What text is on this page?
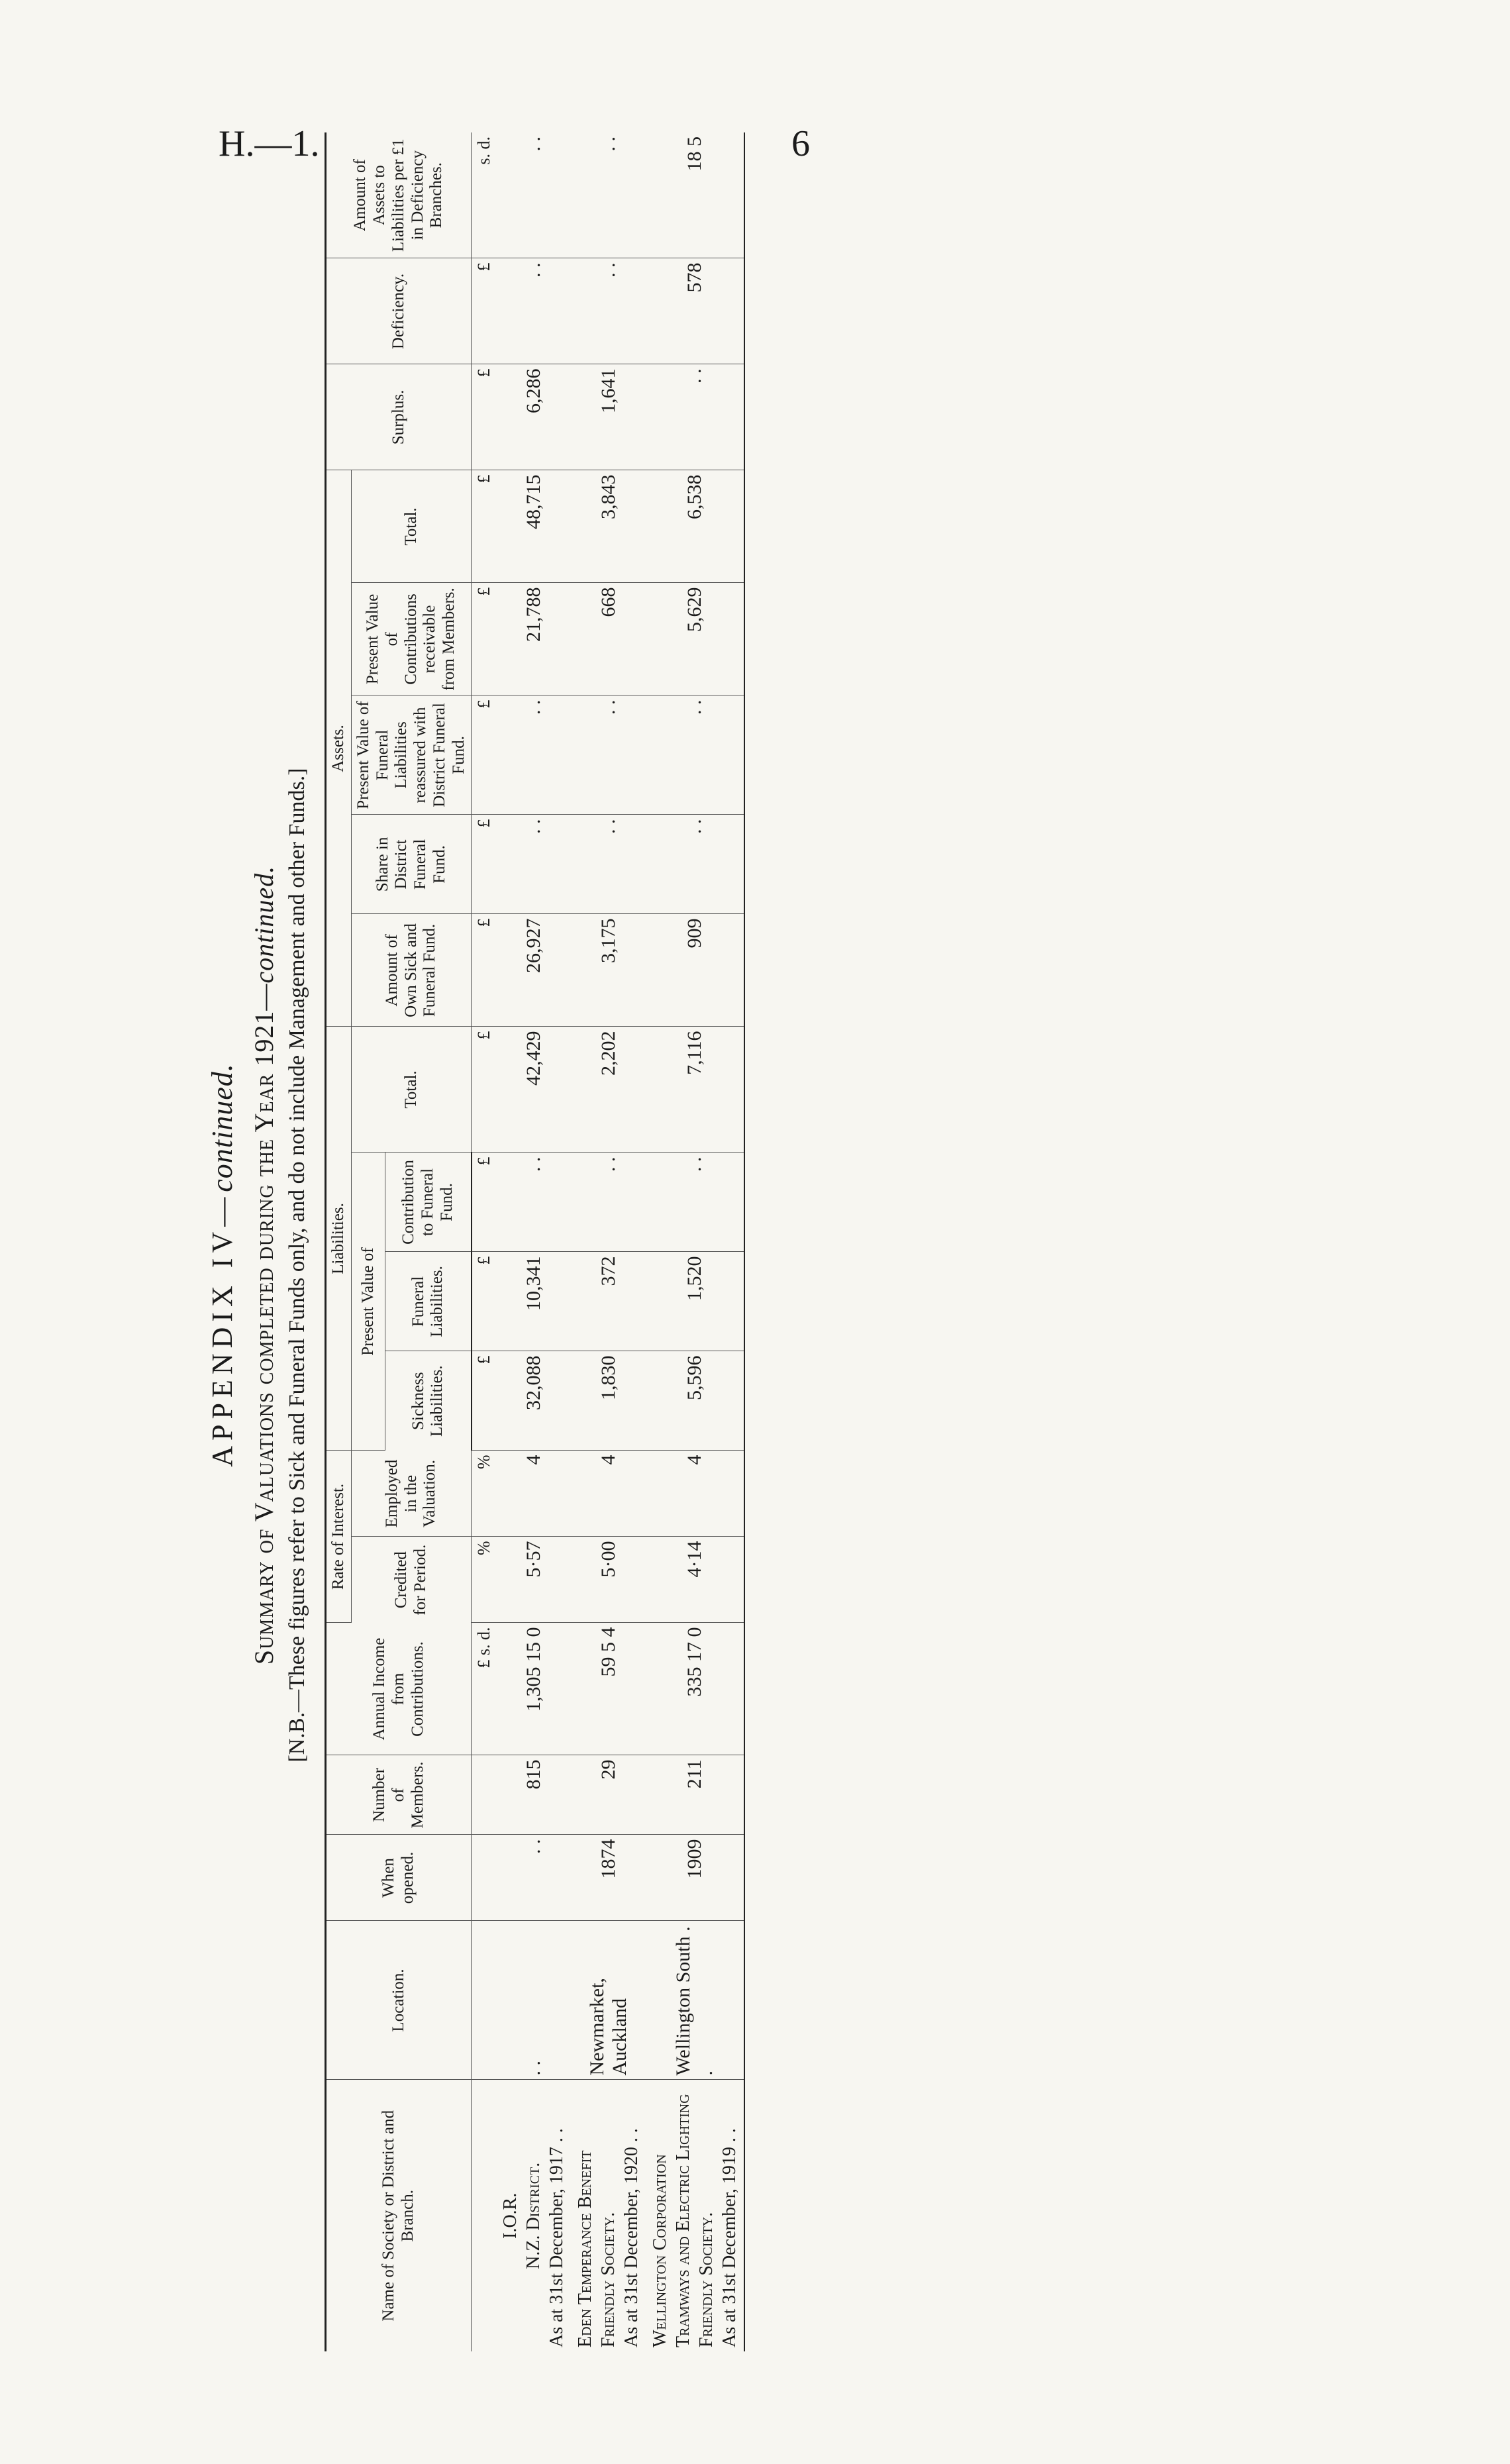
H.—1.	6
APPENDIX IV—continued. Summary of Valuations completed during the Year 1921—continued. [N.B.—These figures refer to Sick and Funeral Funds only, and do not include Management and other Funds.]
Name of Society or District and Branch.	Location.	When opened.	Number of Members.	Annual Income from Contributions.	Rate of Interest.		Liabilities.				Assets.					Surplus.	Deficiency.	Amount of Assets to Liabilities per £1 in Deficiency Branches.
					Credited for Period.	Employed in the Valuation.	Present Value of			Total.	Amount of Own Sick and Funeral Fund.	Share in District Funeral Fund.	Present Value of Funeral Liabilities reassured with District Funeral Fund.	Present Value of Contributions receivable from Members.	Total.			
							Sickness Liabilities.	Funeral Liabilities.	Contribution to Funeral Fund.									
				£ s. d.	%	%	£	£	£	£	£	£	£	£	£	£	£	s. d.

I.O.R. N.Z. District. As at 31st December, 1917 . .	. .	. .	815	1,305 15 0	5·57	4	32,088	10,341	. .	42,429	26,927	. .	. .	21,788	48,715	6,286	. .	. .
Eden Temperance Benefit Friendly Society. As at 31st December, 1920 . .	Newmarket, Auckland	1874	29	59 5 4	5·00	4	1,830	372	. .	2,202	3,175	. .	. .	668	3,843	1,641	. .	. .
Wellington Corporation Tramways and Electric Lighting Friendly Society. As at 31st December, 1919 . .	Wellington South . .	1909	211	335 17 0	4·14	4	5,596	1,520	. .	7,116	909	. .	. .	5,629	6,538	. .	578	18 5
